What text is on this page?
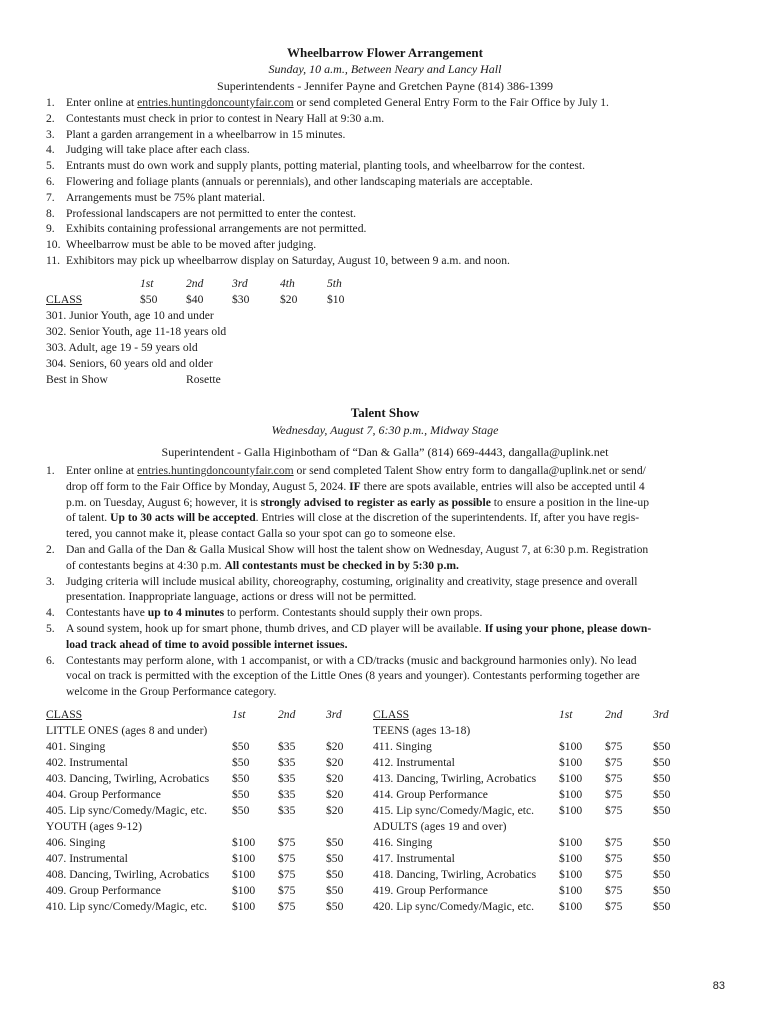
Wheelbarrow Flower Arrangement
Sunday, 10 a.m., Between Neary and Lancy Hall
Superintendents - Jennifer Payne and Gretchen Payne (814) 386-1399
1. Enter online at entries.huntingdoncountyfair.com or send completed General Entry Form to the Fair Office by July 1.
2. Contestants must check in prior to contest in Neary Hall at 9:30 a.m.
3. Plant a garden arrangement in a wheelbarrow in 15 minutes.
4. Judging will take place after each class.
5. Entrants must do own work and supply plants, potting material, planting tools, and wheelbarrow for the contest.
6. Flowering and foliage plants (annuals or perennials), and other landscaping materials are acceptable.
7. Arrangements must be 75% plant material.
8. Professional landscapers are not permitted to enter the contest.
9. Exhibits containing professional arrangements are not permitted.
10. Wheelbarrow must be able to be moved after judging.
11. Exhibitors may pick up wheelbarrow display on Saturday, August 10, between 9 a.m. and noon.
1st	2nd 3rd	4th	5th
CLASS	$50 $40 $30	$20	$10
301. Junior Youth, age 10 and under
302. Senior Youth, age 11-18 years old
303. Adult, age 19 - 59 years old
304. Seniors, 60 years old and older
Best in Show	Rosette
Talent Show
Wednesday, August 7, 6:30 p.m., Midway Stage
Superintendent - Galla Higinbotham of “Dan & Galla” (814) 669-4443, dangalla@uplink.net
1. Enter online at entries.huntingdoncountyfair.com or send completed Talent Show entry form to dangalla@uplink.net or send/
drop off form to the Fair Office by Monday, August 5, 2024. IF there are spots available, entries will also be accepted until 4
p.m. on Tuesday, August 6; however, it is strongly advised to register as early as possible to ensure a position in the line-up
of talent. Up to 30 acts will be accepted. Entries will close at the discretion of the superintendents. If, after you have regis-
tered, you cannot make it, please contact Galla so your spot can go to someone else.
2. Dan and Galla of the Dan & Galla Musical Show will host the talent show on Wednesday, August 7, at 6:30 p.m. Registration
of contestants begins at 4:30 p.m. All contestants must be checked in by 5:30 p.m.
3. Judging criteria will include musical ability, choreography, costuming, originality and creativity, stage presence and overall
presentation. Inappropriate language, actions or dress will not be permitted.
4. Contestants have up to 4 minutes to perform. Contestants should supply their own props.
5. A sound system, hook up for smart phone, thumb drives, and CD player will be available. If using your phone, please down-
load track ahead of time to avoid possible internet issues.
6. Contestants may perform alone, with 1 accompanist, or with a CD/tracks (music and background harmonies only). No lead
vocal on track is permitted with the exception of the Little Ones (8 years and younger). Contestants performing together are
welcome in the Group Performance category.
CLASS	1st	2nd	3rd
LITTLE ONES (ages 8 and under)
401. Singing	$50 $35	$20
402. Instrumental	$50 $35	$20
403. Dancing, Twirling, Acrobatics $50 $35	$20
404. Group Performance	$50 $35	$20
405. Lip sync/Comedy/Magic, etc. $50 $35	$20
YOUTH (ages 9-12)
406. Singing	$100 $75	$50
407. Instrumental	$100 $75	$50
408. Dancing, Twirling, Acrobatics $100 $75	$50
409. Group Performance	$100 $75	$50
410. Lip sync/Comedy/Magic, etc. $100 $75	$50
CLASS	1st	2nd	3rd
TEENS (ages 13-18)
411. Singing	$100 $75	$50
412. Instrumental	$100 $75	$50
413. Dancing, Twirling, Acrobatics $100 $75	$50
414. Group Performance	$100 $75	$50
415. Lip sync/Comedy/Magic, etc. $100 $75	$50
ADULTS (ages 19 and over)
416. Singing	$100 $75	$50
417. Instrumental	$100 $75	$50
418. Dancing, Twirling, Acrobatics $100 $75	$50
419. Group Performance	$100 $75	$50
420. Lip sync/Comedy/Magic, etc. $100 $75	$50
83
